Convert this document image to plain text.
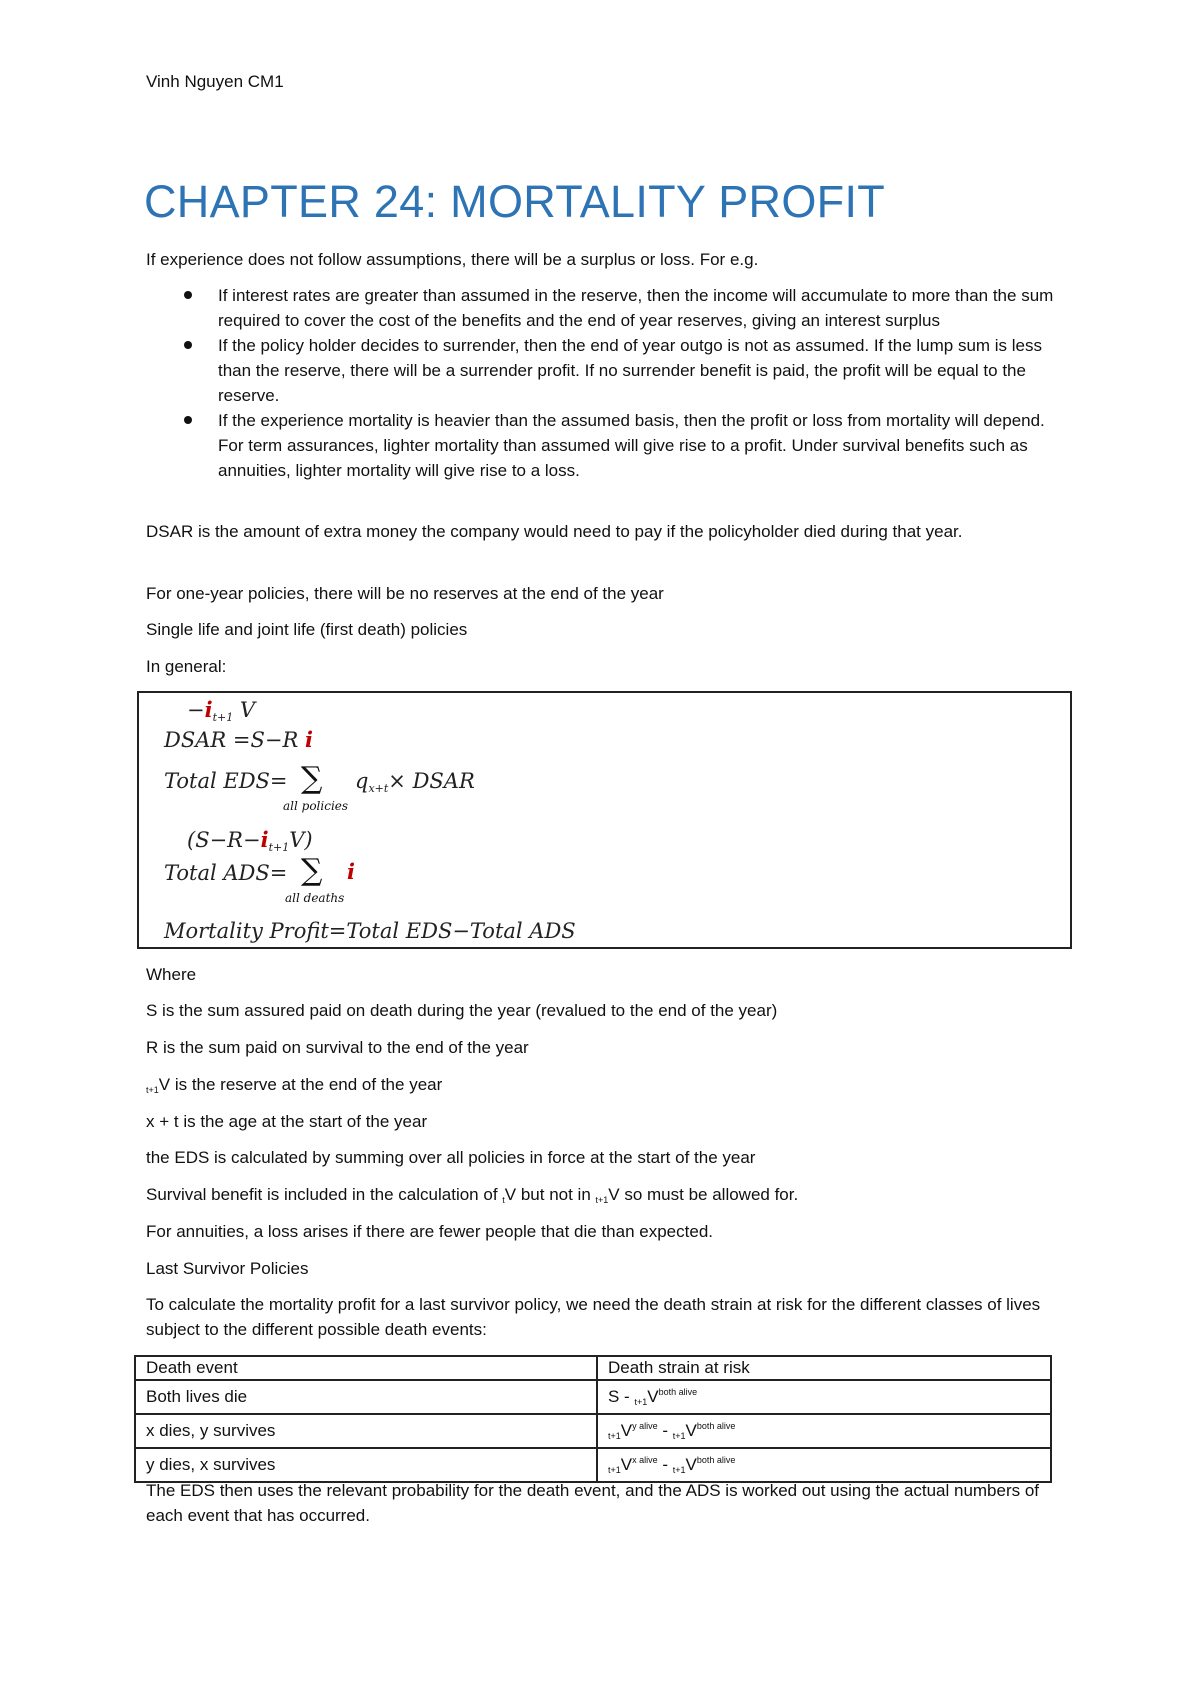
Vinh Nguyen CM1
CHAPTER 24: MORTALITY PROFIT
If experience does not follow assumptions, there will be a surplus or loss. For e.g.
If interest rates are greater than assumed in the reserve, then the income will accumulate to more than the sum required to cover the cost of the benefits and the end of year reserves, giving an interest surplus
If the policy holder decides to surrender, then the end of year outgo is not as assumed. If the lump sum is less than the reserve, there will be a surrender profit. If no surrender benefit is paid, the profit will be equal to the reserve.
If the experience mortality is heavier than the assumed basis, then the profit or loss from mortality will depend. For term assurances, lighter mortality than assumed will give rise to a profit. Under survival benefits such as annuities, lighter mortality will give rise to a loss.
DSAR is the amount of extra money the company would need to pay if the policyholder died during that year.
For one-year policies, there will be no reserves at the end of the year
Single life and joint life (first death) policies
In general:
$-i_{t+1}$ V
DSAR =S−R i
Total EDS= ∑
all policies
$q_{x+t}\times$ DSAR
$(S-R-i_{t+1}V)$
Total ADS= ∑
all deaths
i
Mortality Profit=Total EDS−Total ADS
Where
S is the sum assured paid on death during the year (revalued to the end of the year)
R is the sum paid on survival to the end of the year
t+1V is the reserve at the end of the year
x + t is the age at the start of the year
the EDS is calculated by summing over all policies in force at the start of the year
Survival benefit is included in the calculation of tV but not in t+1V so must be allowed for.
For annuities, a loss arises if there are fewer people that die than expected.
Last Survivor Policies
To calculate the mortality profit for a last survivor policy, we need the death strain at risk for the different classes of lives subject to the different possible death events:
Death event	Death strain at risk
Both lives die	$S - t+1V^{both alive}$
x dies, y survives	$t+1V^{y alive} - t+1V^{both alive}$
y dies, x survives	$t+1V^{x alive} - t+1V^{both alive}$
The EDS then uses the relevant probability for the death event, and the ADS is worked out using the actual numbers of each event that has occurred.
